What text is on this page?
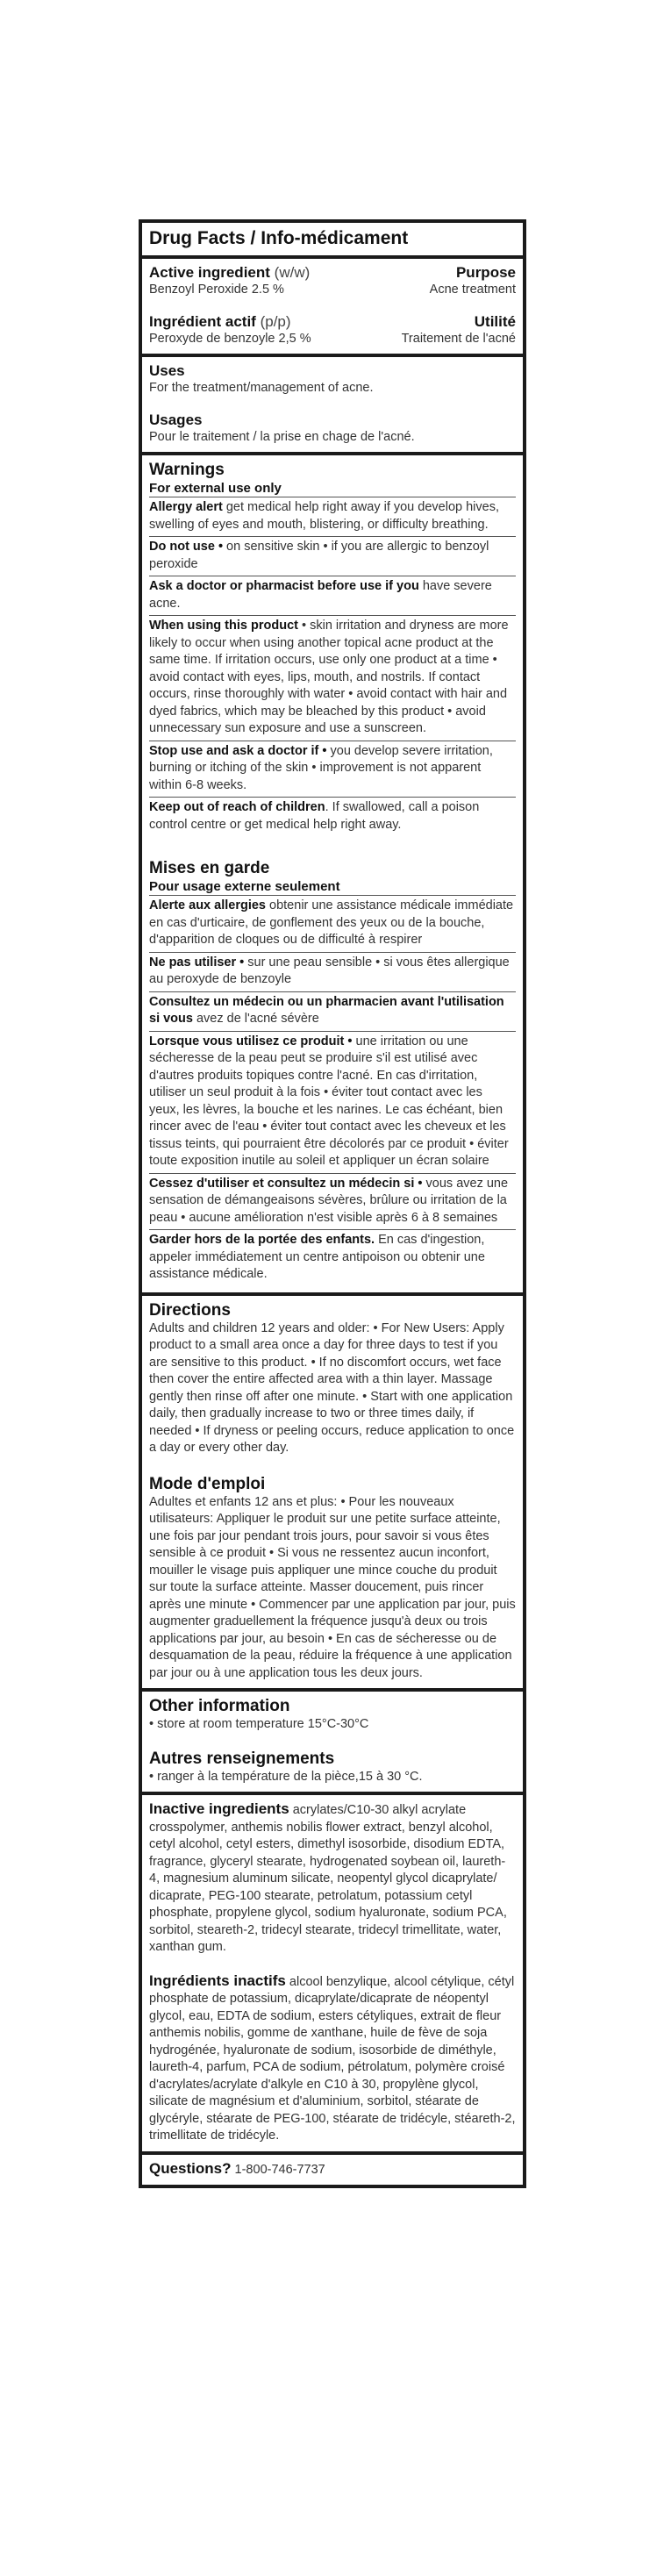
Drug Facts / Info-médicament
Active ingredient (w/w)	Purpose
Benzoyl Peroxide 2.5 %	Acne treatment
Ingrédient actif (p/p)	Utilité
Peroxyde de benzoyle 2,5 %	Traitement de l'acné
Uses
For the treatment/management of acne.
Usages
Pour le traitement / la prise en chage de l'acné.
Warnings
For external use only
Allergy alert get medical help right away if you develop hives, swelling of eyes and mouth, blistering, or difficulty breathing.
Do not use • on sensitive skin • if you are allergic to benzoyl peroxide
Ask a doctor or pharmacist before use if you have severe acne.
When using this product • skin irritation and dryness are more likely to occur when using another topical acne product at the same time. If irritation occurs, use only one product at a time • avoid contact with eyes, lips, mouth, and nostrils. If contact occurs, rinse thoroughly with water • avoid contact with hair and dyed fabrics, which may be bleached by this product • avoid unnecessary sun exposure and use a sunscreen.
Stop use and ask a doctor if • you develop severe irritation, burning or itching of the skin • improvement is not apparent within 6-8 weeks.
Keep out of reach of children. If swallowed, call a poison control centre or get medical help right away.
Mises en garde
Pour usage externe seulement
Alerte aux allergies obtenir une assistance médicale immédiate en cas d'urticaire, de gonflement des yeux ou de la bouche, d'apparition de cloques ou de difficulté à respirer
Ne pas utiliser • sur une peau sensible • si vous êtes allergique au peroxyde de benzoyle
Consultez un médecin ou un pharmacien avant l'utilisation si vous avez de l'acné sévère
Lorsque vous utilisez ce produit • une irritation ou une sécheresse de la peau peut se produire s'il est utilisé avec d'autres produits topiques contre l'acné. En cas d'irritation, utiliser un seul produit à la fois • éviter tout contact avec les yeux, les lèvres, la bouche et les narines. Le cas échéant, bien rincer avec de l'eau • éviter tout contact avec les cheveux et les tissus teints, qui pourraient être décolorés par ce produit • éviter toute exposition inutile au soleil et appliquer un écran solaire
Cessez d'utiliser et consultez un médecin si • vous avez une sensation de démangeaisons sévères, brûlure ou irritation de la peau • aucune amélioration n'est visible après 6 à 8 semaines
Garder hors de la portée des enfants. En cas d'ingestion, appeler immédiatement un centre antipoison ou obtenir une assistance médicale.
Directions
Adults and children 12 years and older: • For New Users: Apply product to a small area once a day for three days to test if you are sensitive to this product. • If no discomfort occurs, wet face then cover the entire affected area with a thin layer. Massage gently then rinse off after one minute. • Start with one application daily, then gradually increase to two or three times daily, if needed • If dryness or peeling occurs, reduce application to once a day or every other day.
Mode d'emploi
Adultes et enfants 12 ans et plus: • Pour les nouveaux utilisateurs: Appliquer le produit sur une petite surface atteinte, une fois par jour pendant trois jours, pour savoir si vous êtes sensible à ce produit • Si vous ne ressentez aucun inconfort, mouiller le visage puis appliquer une mince couche du produit sur toute la surface atteinte. Masser doucement, puis rincer après une minute • Commencer par une application par jour, puis augmenter graduellement la fréquence jusqu'à deux ou trois applications par jour, au besoin • En cas de sécheresse ou de desquamation de la peau, réduire la fréquence à une application par jour ou à une application tous les deux jours.
Other information
• store at room temperature 15°C-30°C
Autres renseignements
• ranger à la température de la pièce,15 à 30 °C.
Inactive ingredients acrylates/C10-30 alkyl acrylate crosspolymer, anthemis nobilis flower extract, benzyl alcohol, cetyl alcohol, cetyl esters, dimethyl isosorbide, disodium EDTA, fragrance, glyceryl stearate, hydrogenated soybean oil, laureth-4, magnesium aluminum silicate, neopentyl glycol dicaprylate/ dicaprate, PEG-100 stearate, petrolatum, potassium cetyl phosphate, propylene glycol, sodium hyaluronate, sodium PCA, sorbitol, steareth-2, tridecyl stearate, tridecyl trimellitate, water, xanthan gum.
Ingrédients inactifs alcool benzylique, alcool cétylique, cétyl phosphate de potassium, dicaprylate/dicaprate de néopentyl glycol, eau, EDTA de sodium, esters cétyliques, extrait de fleur anthemis nobilis, gomme de xanthane, huile de fève de soja hydrogénée, hyaluronate de sodium, isosorbide de diméthyle, laureth-4, parfum, PCA de sodium, pétrolatum, polymère croisé d'acrylates/acrylate d'alkyle en C10 à 30, propylène glycol, silicate de magnésium et d'aluminium, sorbitol, stéarate de glycéryle, stéarate de PEG-100, stéarate de tridécyle, stéareth-2, trimellitate de tridécyle.
Questions? 1-800-746-7737
